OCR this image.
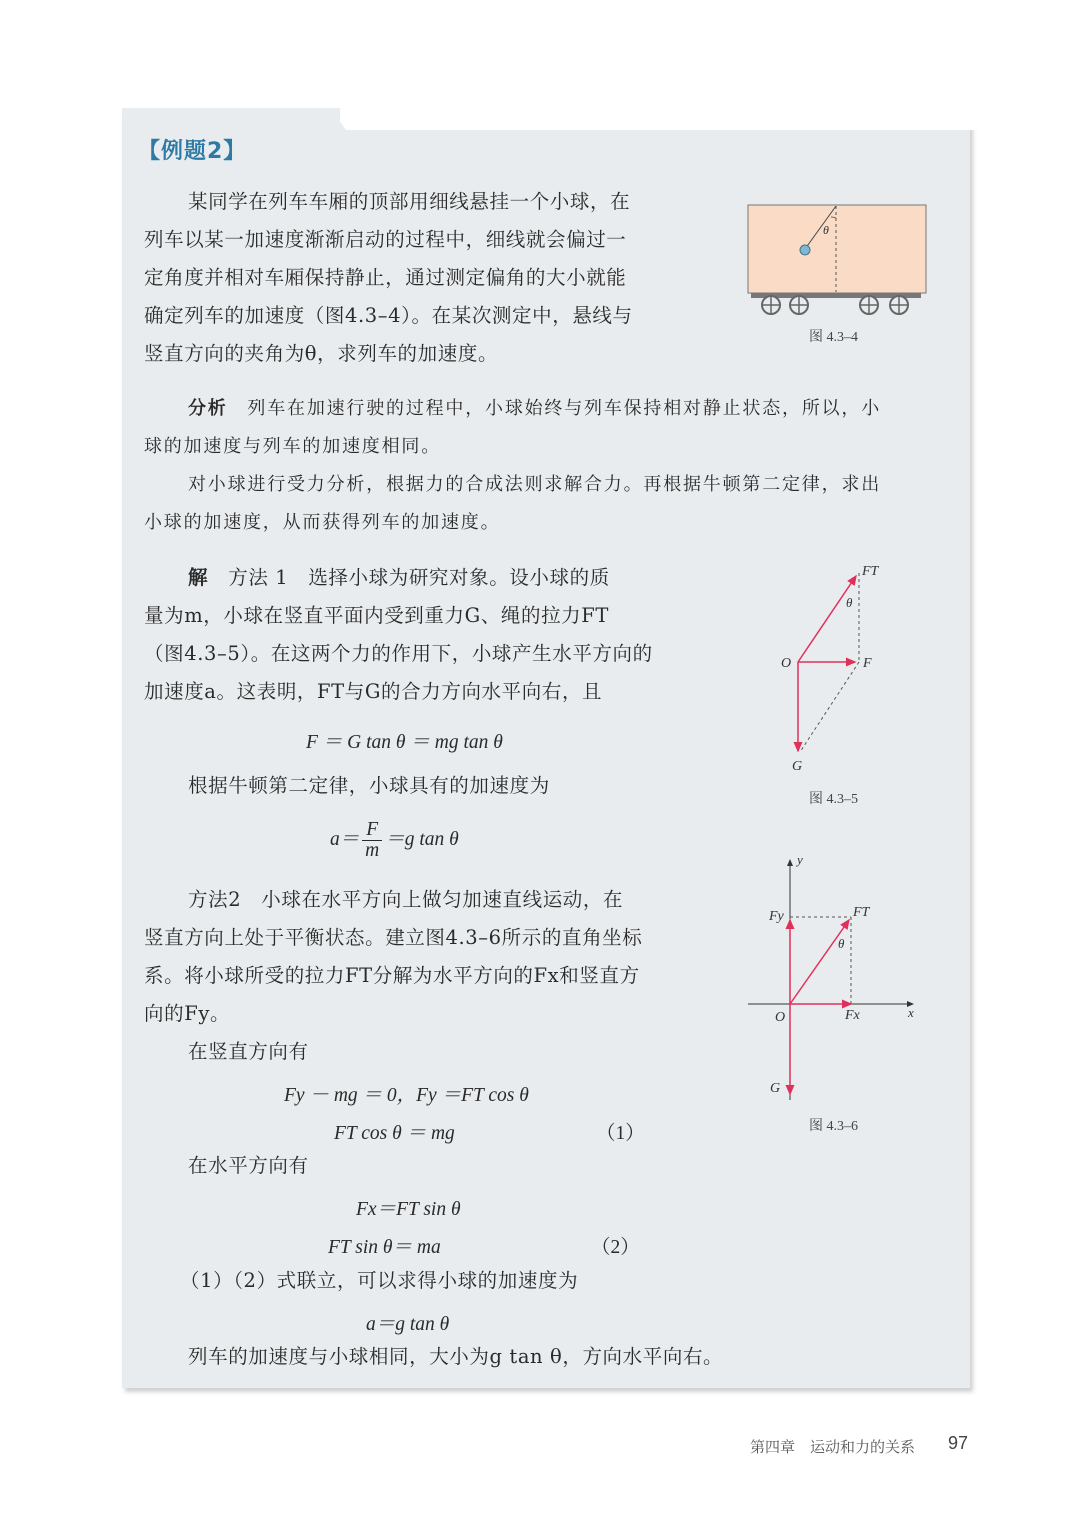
【例题2】
某同学在列车车厢的顶部用细线悬挂一个小球，在
列车以某一加速度渐渐启动的过程中，细线就会偏过一
定角度并相对车厢保持静止，通过测定偏角的大小就能
确定列车的加速度（图4.3–4）。在某次测定中，悬线与
竖直方向的夹角为θ，求列车的加速度。
θ
图 4.3–4
分析　 列车在加速行驶的过程中，小球始终与列车保持相对静止状态，所以，小
球的加速度与列车的加速度相同。
对小球进行受力分析，根据力的合成法则求解合力。再根据牛顿第二定律，求出
小球的加速度，从而获得列车的加速度。
解　 方法 1　选择小球为研究对象。设小球的质
量为m，小球在竖直平面内受到重力G、绳的拉力FT
（图4.3–5）。在这两个力的作用下，小球产生水平方向的
加速度a。这表明，FT与G的合力方向水平向右，且
F ＝ G tan θ ＝ mg tan θ
根据牛顿第二定律，小球具有的加速度为
$a= \frac{F}{m} =g$ tan θ
FT
θ
O	F
G
图 4.3–5
方法2　小球在水平方向上做匀加速直线运动，在
竖直方向上处于平衡状态。建立图4.3–6所示的直角坐标
系。将小球所受的拉力FT分解为水平方向的Fx和竖直方
向的Fy。
在竖直方向有
Fy － mg ＝ 0，Fy ＝FT cos θ
FT cos θ ＝ mg	（1）
在水平方向有
Fx＝FT sin θ
FT sin θ＝ ma	（2）
（1）（2）式联立，可以求得小球的加速度为
a＝g tan θ
列车的加速度与小球相同，大小为g tan θ，方向水平向右。
y
x
Fy	FT
θ
O	Fx
G
图 4.3–6
第四章　运动和力的关系 97
